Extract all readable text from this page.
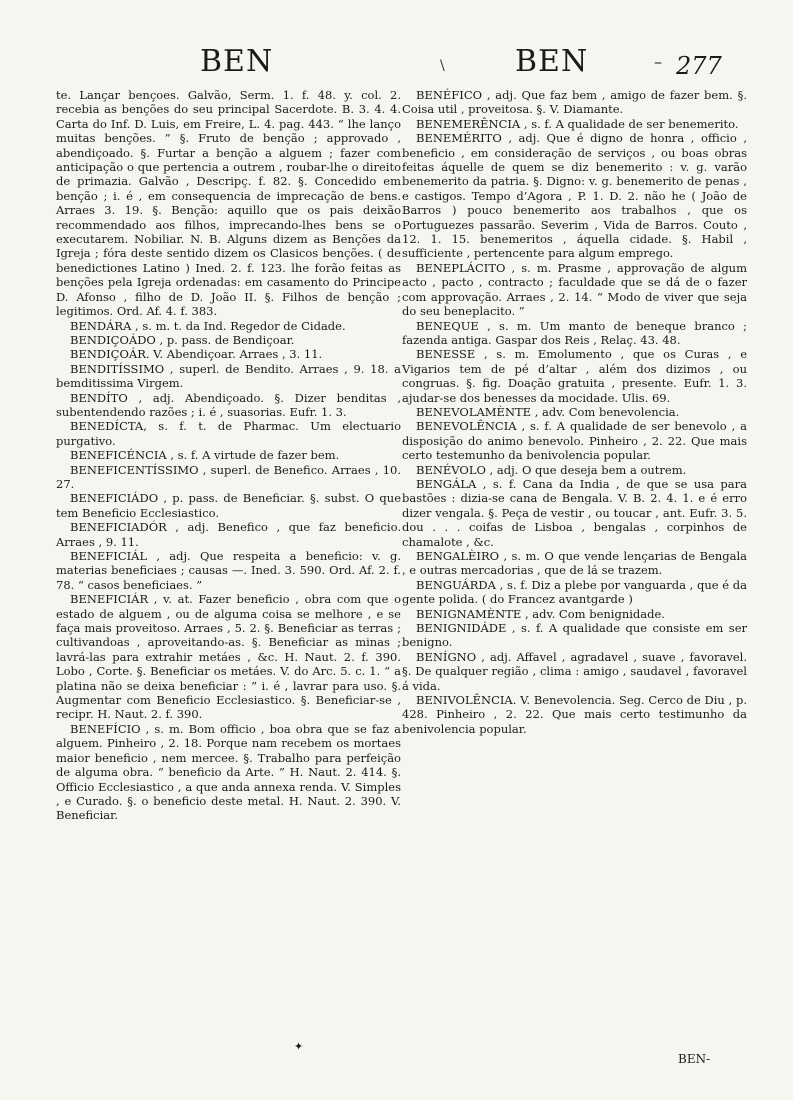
BEN	\ BEN	– 277

te. Lançar bençoes. Galvão, Serm. 1. f. 48. y. col. 2. recebia as benções do seu principal Sacerdote. B. 3. 4. 4. Carta do Inf. D. Luis, em Freire, L. 4. pag. 443. “ lhe lanço muitas benções. ” §. Fruto de benção ; approvado , abendiçoado. §. Furtar a benção a alguem ; fazer com anticipação o que pertencia a outrem , roubar-lhe o direito de primazia. Galvão , Descripç. f. 82. §. Concedido em benção ; i. é , em consequencia de imprecação de bens. Arraes 3. 19. §. Benção: aquillo que os pais deixão recommendado aos filhos, imprecando-lhes bens se o executarem. Nobiliar. N. B. Alguns dizem as Benções da Igreja ; fóra deste sentido dizem os Clasicos benções. ( de benedictiones Latino ) Ined. 2. f. 123. lhe forão feitas as benções pela Igreja ordenadas: em casamento do Principe D. Afonso , filho de D. João II. §. Filhos de benção ; legitimos. Ord. Af. 4. f. 383.

BENDÁRA , s. m. t. da Ind. Regedor de Cidade.

BENDIÇOÁDO , p. pass. de Bendiçoar.

BENDIÇOÁR. V. Abendiçoar. Arraes , 3. 11.

BENDITÍSSIMO , superl. de Bendito. Arraes , 9. 18. a bemditissima Virgem.

BENDÍTO , adj. Abendiçoado. §. Dizer benditas , subentendendo razões ; i. é , suasorias. Eufr. 1. 3.

BENEDÍCTA, s. f. t. de Pharmac. Um electuario purgativo.

BENEFICÉNCIA , s. f. A virtude de fazer bem.

BENEFICENTÍSSIMO , superl. de Benefico. Arraes , 10. 27.

BENEFICIÁDO , p. pass. de Beneficiar. §. subst. O que tem Beneficio Ecclesiastico.

BENEFICIADÓR , adj. Benefico , que faz beneficio. Arraes , 9. 11.

BENEFICIÁL , adj. Que respeita a beneficio: v. g. materias beneficiaes ; causas —. Ined. 3. 590. Ord. Af. 2. f. 78. “ casos beneficiaes. ”

BENEFICIÁR , v. at. Fazer beneficio , obra com que o estado de alguem , ou de alguma coisa se melhore , e se faça mais proveitoso. Arraes , 5. 2. §. Beneficiar as terras ; cultivandoas , aproveitando-as. §. Beneficiar as minas ; lavrá-las para extrahir metáes , &c. H. Naut. 2. f. 390. Lobo , Corte. §. Beneficiar os metáes. V. do Arc. 5. c. 1. “ a platina não se deixa beneficiar : ” i. é , lavrar para uso. §. Augmentar com Beneficio Ecclesiastico. §. Beneficiar-se , recipr. H. Naut. 2. f. 390.

BENEFÍCIO , s. m. Bom officio , boa obra que se faz a alguem. Pinheiro , 2. 18. Porque nam recebem os mortaes maior beneficio , nem mercee. §. Trabalho para perfeição de alguma obra. “ beneficio da Arte. ” H. Naut. 2. 414. §. Officio Ecclesiastico , a que anda annexa renda. V. Simples , e Curado. §. o beneficio deste metal. H. Naut. 2. 390. V. Beneficiar.

BENÉFICO , adj. Que faz bem , amigo de fazer bem. §. Coisa util , proveitosa. §. V. Diamante.

BENEMERÊNCIA , s. f. A qualidade de ser benemerito.

BENEMÉRITO , adj. Que é digno de honra , officio , beneficio , em consideração de serviços , ou boas obras feitas áquelle de quem se diz benemerito : v. g. varão benemerito da patria. §. Digno: v. g. benemerito de penas , e castigos. Tempo d’Agora , P. 1. D. 2. não he ( João de Barros ) pouco benemerito aos trabalhos , que os Portuguezes passarão. Severim , Vida de Barros. Couto , 12. 1. 15. benemeritos , áquella cidade. §. Habil , sufficiente , pertencente para algum emprego.

BENEPLÁCITO , s. m. Prasme , approvação de algum acto , pacto , contracto ; faculdade que se dá de o fazer com approvação. Arraes , 2. 14. “ Modo de viver que seja do seu beneplacito. ”

BENEQUE , s. m. Um manto de beneque branco ; fazenda antiga. Gaspar dos Reis , Relaç. 43. 48.

BENESSE , s. m. Emolumento , que os Curas , e Vigarios tem de pé d’altar , além dos dizimos , ou congruas. §. fig. Doação gratuita , presente. Eufr. 1. 3. ajudar-se dos benesses da mocidade. Ulis. 69.

BENEVOLAMÈNTE , adv. Com benevolencia.

BENEVOLÊNCIA , s. f. A qualidade de ser benevolo , a disposição do animo benevolo. Pinheiro , 2. 22. Que mais certo testemunho da benivolencia popular.

BENÉVOLO , adj. O que deseja bem a outrem.

BENGÁLA , s. f. Cana da India , de que se usa para bastões : dizia-se cana de Bengala. V. B. 2. 4. 1. e é erro dizer vengala. §. Peça de vestir , ou toucar , ant. Eufr. 3. 5. dou . . . coifas de Lisboa , bengalas , corpinhos de chamalote , &c.

BENGALÈIRO , s. m. O que vende lençarias de Bengala , e outras mercadorias , que de lá se trazem.

BENGUÁRDA , s. f. Diz a plebe por vanguarda , que é da gente polida. ( do Francez avantgarde )

BENIGNAMÈNTE , adv. Com benignidade.

BENIGNIDÁDE , s. f. A qualidade que consiste em ser benigno.

BENÍGNO , adj. Affavel , agradavel , suave , favoravel. §. De qualquer região , clima : amigo , saudavel , favoravel á vida.

BENIVOLÊNCIA. V. Benevolencia. Seg. Cerco de Diu , p. 428. Pinheiro , 2. 22. Que mais certo testimunho da benivolencia popular.

✦
BEN-
